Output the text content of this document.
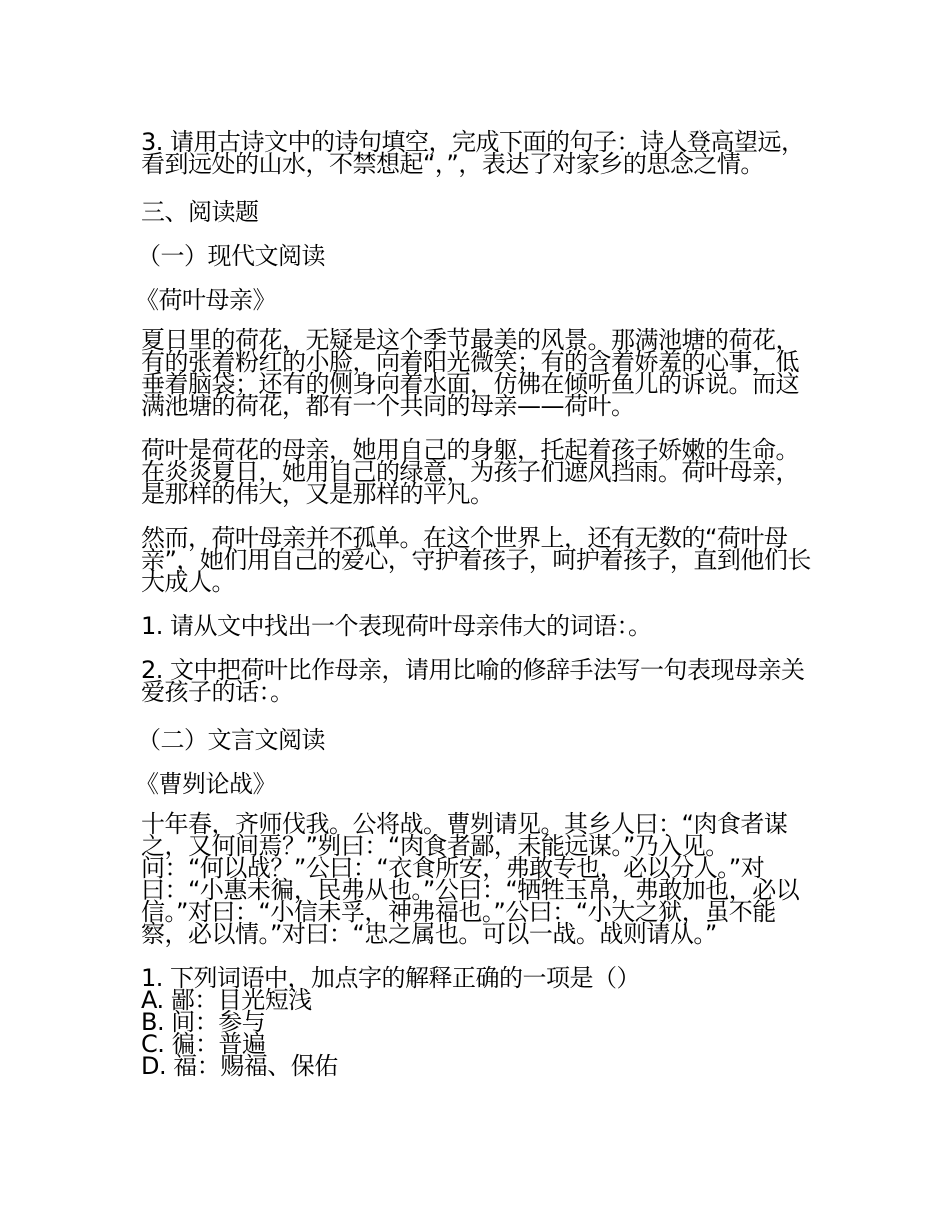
3. 请用古诗文中的诗句填空，完成下面的句子：诗人登高望远，看到远处的山水，不禁想起“，”，表达了对家乡的思念之情。

三、阅读题
（一）现代文阅读
《荷叶母亲》

夏日里的荷花，无疑是这个季节最美的风景。那满池塘的荷花，有的张着粉红的小脸，向着阳光微笑；有的含着娇羞的心事，低垂着脑袋；还有的侧身向着水面，仿佛在倾听鱼儿的诉说。而这满池塘的荷花，都有一个共同的母亲——荷叶。

荷叶是荷花的母亲，她用自己的身躯，托起着孩子娇嫩的生命。在炎炎夏日，她用自己的绿意，为孩子们遮风挡雨。荷叶母亲，是那样的伟大，又是那样的平凡。

然而，荷叶母亲并不孤单。在这个世界上，还有无数的“荷叶母亲”，她们用自己的爱心，守护着孩子，呵护着孩子，直到他们长大成人。

1. 请从文中找出一个表现荷叶母亲伟大的词语：。

2. 文中把荷叶比作母亲，请用比喻的修辞手法写一句表现母亲关爱孩子的话：。

（二）文言文阅读
《曹刿论战》

十年春，齐师伐我。公将战。曹刿请见。其乡人曰：“肉食者谋之，又何间焉？”刿曰：“肉食者鄙，未能远谋。”乃入见。问：“何以战？”公曰：“衣食所安，弗敢专也，必以分人。”对曰：“小惠未徧，民弗从也。”公曰：“牺牲玉帛，弗敢加也，必以信。”对曰：“小信未孚，神弗福也。”公曰：“小大之狱，虽不能察，必以情。”对曰：“忠之属也。可以一战。战则请从。”

1. 下列词语中，加点字的解释正确的一项是（）
A. 鄙：目光短浅
B. 间：参与
C. 徧：普遍
D. 福：赐福、保佑
